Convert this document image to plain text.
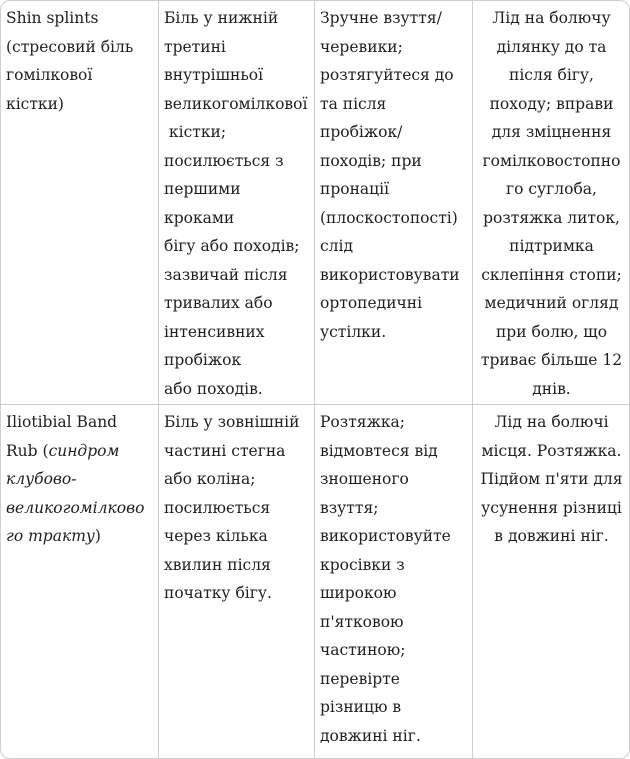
Shin splints
(стресовий біль
гомілкової
кістки)
Біль у нижній
третині
внутрішньої
великогомілкової
кістки;
посилюється з
першими
кроками
бігу або походів;
зазвичай після
тривалих або
інтенсивних
пробіжок
або походів.
Зручне взуття/
черевики;
розтягуйтеся до
та після
пробіжок/
походів; при
пронації
(плоскостопості)
слід
використовувати
ортопедичні
устілки.
Лід на болючу
ділянку до та
після бігу,
походу; вправи
для зміцнення
гомілковостопно
го суглоба,
розтяжка литок,
підтримка
склепіння стопи;
медичний огляд
при болю, що
триває більше 12
днів.
Iliotibial Band
Rub (синдром
клубово-
великогомілково
го тракту)
Біль у зовнішній
частині стегна
або коліна;
посилюється
через кілька
хвилин після
початку бігу.
Розтяжка;
відмовтеся від
зношеного
взуття;
використовуйте
кросівки з
широкою
п'ятковою
частиною;
перевірте
різницю в
довжині ніг.
Лід на болючі
місця. Розтяжка.
Підйом п'яти для
усунення різниці
в довжині ніг.
